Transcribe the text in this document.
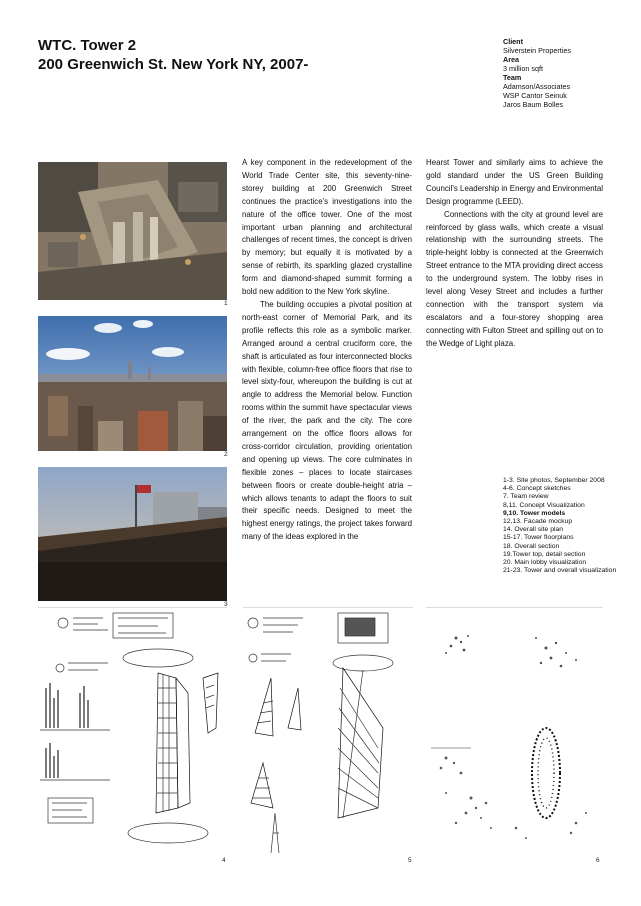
WTC. Tower 2
200 Greenwich St. New York NY, 2007-
Client
Silverstein Properties
Area
3 million sqft
Team
Adamson/Associates
WSP Cantor Seinuk
Jaros Baum Bolles
1
2
3

A key component in the redevelopment of the World Trade Center site, this seventy-nine-storey building at 200 Greenwich Street continues the practice's investigations into the nature of the office tower. One of the most important urban planning and architectural challenges of recent times, the concept is driven by memory; but equally it is motivated by a sense of rebirth, its sparkling glazed crystalline form and diamond-shaped summit forming a bold new addition to the New York skyline.

The building occupies a pivotal position at north-east corner of Memorial Park, and its profile reflects this role as a symbolic marker. Arranged around a central cruciform core, the shaft is articulated as four interconnected blocks with flexible, column-free office floors that rise to level sixty-four, whereupon the building is cut at angle to address the Memorial below. Function rooms within the summit have spectacular views of the river, the park and the city. The core arrangement on the office floors allows for cross-corridor circulation, providing orientation and opening up views. The core culminates in flexible zones – places to locate staircases between floors or create double-height atria – which allows tenants to adapt the floors to suit their specific needs. Designed to meet the highest energy ratings, the project takes forward many of the ideas explored in the

Hearst Tower and similarly aims to achieve the gold standard under the US Green Building Council's Leadership in Energy and Environmental Design programme (LEED).

Connections with the city at ground level are reinforced by glass walls, which create a visual relationship with the surrounding streets. The triple-height lobby is connected at the Greenwich Street entrance to the MTA providing direct access to the underground system. The lobby rises in level along Vesey Street and includes a further connection with the transport system via escalators and a four-storey shopping area connecting with Fulton Street and spilling out on to the Wedge of Light plaza.

1-3. Site photos, September 2008
4-6. Concept sketches
7. Team review
8,11. Concept Visualization
9,10. Tower models
12,13. Facade mockup
14. Overall site plan
15-17. Tower floorplans
18. Overall section
19.Tower top, detail section
20. Main lobby visualization
21-23. Tower and overall visualization
4	5	6
